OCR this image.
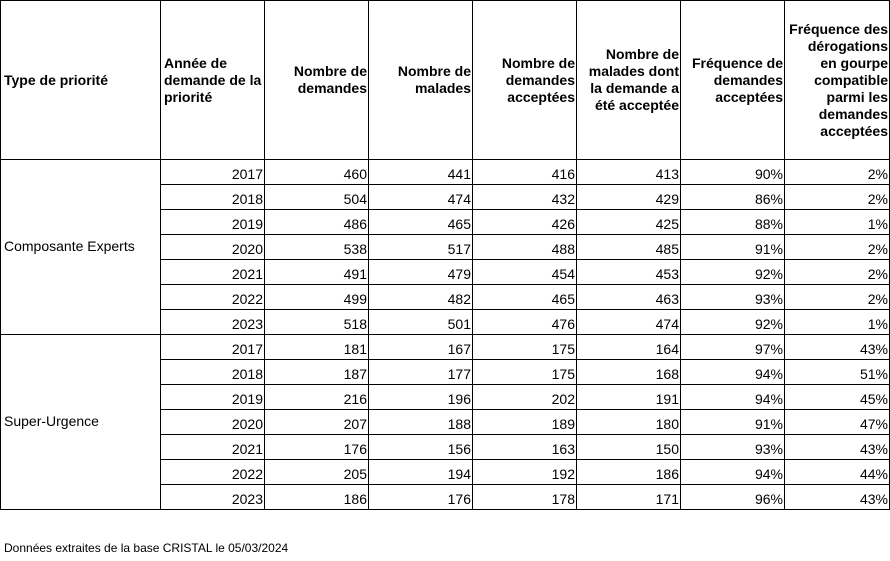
Type de priorité	Année de demande de la priorité	Nombre de demandes	Nombre de malades	Nombre de demandes acceptées	Nombre de malades dont la demande a été acceptée	Fréquence de demandes acceptées	Fréquence des dérogations en gourpe compatible parmi les demandes acceptées
Composante Experts	2017	460	441	416	413	90%	2%
	2018	504	474	432	429	86%	2%
	2019	486	465	426	425	88%	1%
	2020	538	517	488	485	91%	2%
	2021	491	479	454	453	92%	2%
	2022	499	482	465	463	93%	2%
	2023	518	501	476	474	92%	1%
Super-Urgence	2017	181	167	175	164	97%	43%
	2018	187	177	175	168	94%	51%
	2019	216	196	202	191	94%	45%
	2020	207	188	189	180	91%	47%
	2021	176	156	163	150	93%	43%
	2022	205	194	192	186	94%	44%
	2023	186	176	178	171	96%	43%
Données extraites de la base CRISTAL le 05/03/2024
